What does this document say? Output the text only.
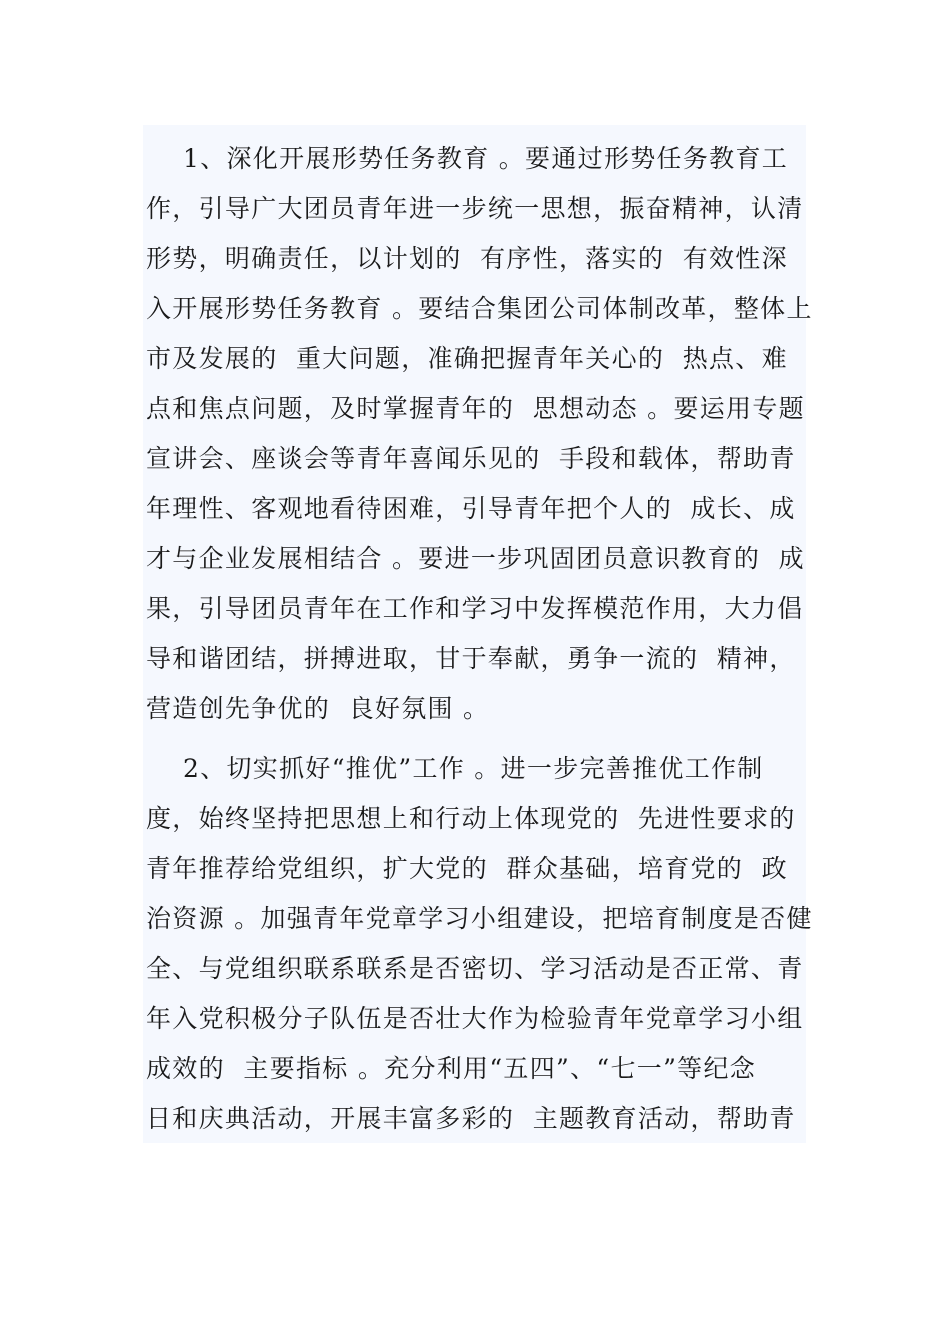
1、深化开展形势任务教育 。要通过形势任务教育工
作，引导广大团员青年进一步统一思想，振奋精神，认清
形势，明确责任，以计划的  有序性，落实的  有效性深
入开展形势任务教育 。要结合集团公司体制改革，整体上
市及发展的  重大问题，准确把握青年关心的  热点、难
点和焦点问题，及时掌握青年的  思想动态 。要运用专题
宣讲会、座谈会等青年喜闻乐见的  手段和载体，帮助青
年理性、客观地看待困难，引导青年把个人的  成长、成
才与企业发展相结合 。要进一步巩固团员意识教育的  成
果，引导团员青年在工作和学习中发挥模范作用，大力倡
导和谐团结，拼搏进取，甘于奉献，勇争一流的  精神，
营造创先争优的  良好氛围 。
2、切实抓好“推优”工作 。进一步完善推优工作制
度，始终坚持把思想上和行动上体现党的  先进性要求的
青年推荐给党组织，扩大党的  群众基础，培育党的  政
治资源 。加强青年党章学习小组建设，把培育制度是否健
全、与党组织联系联系是否密切、学习活动是否正常、青
年入党积极分子队伍是否壮大作为检验青年党章学习小组
成效的  主要指标 。充分利用“五四”、“七一”等纪念
日和庆典活动，开展丰富多彩的  主题教育活动，帮助青
